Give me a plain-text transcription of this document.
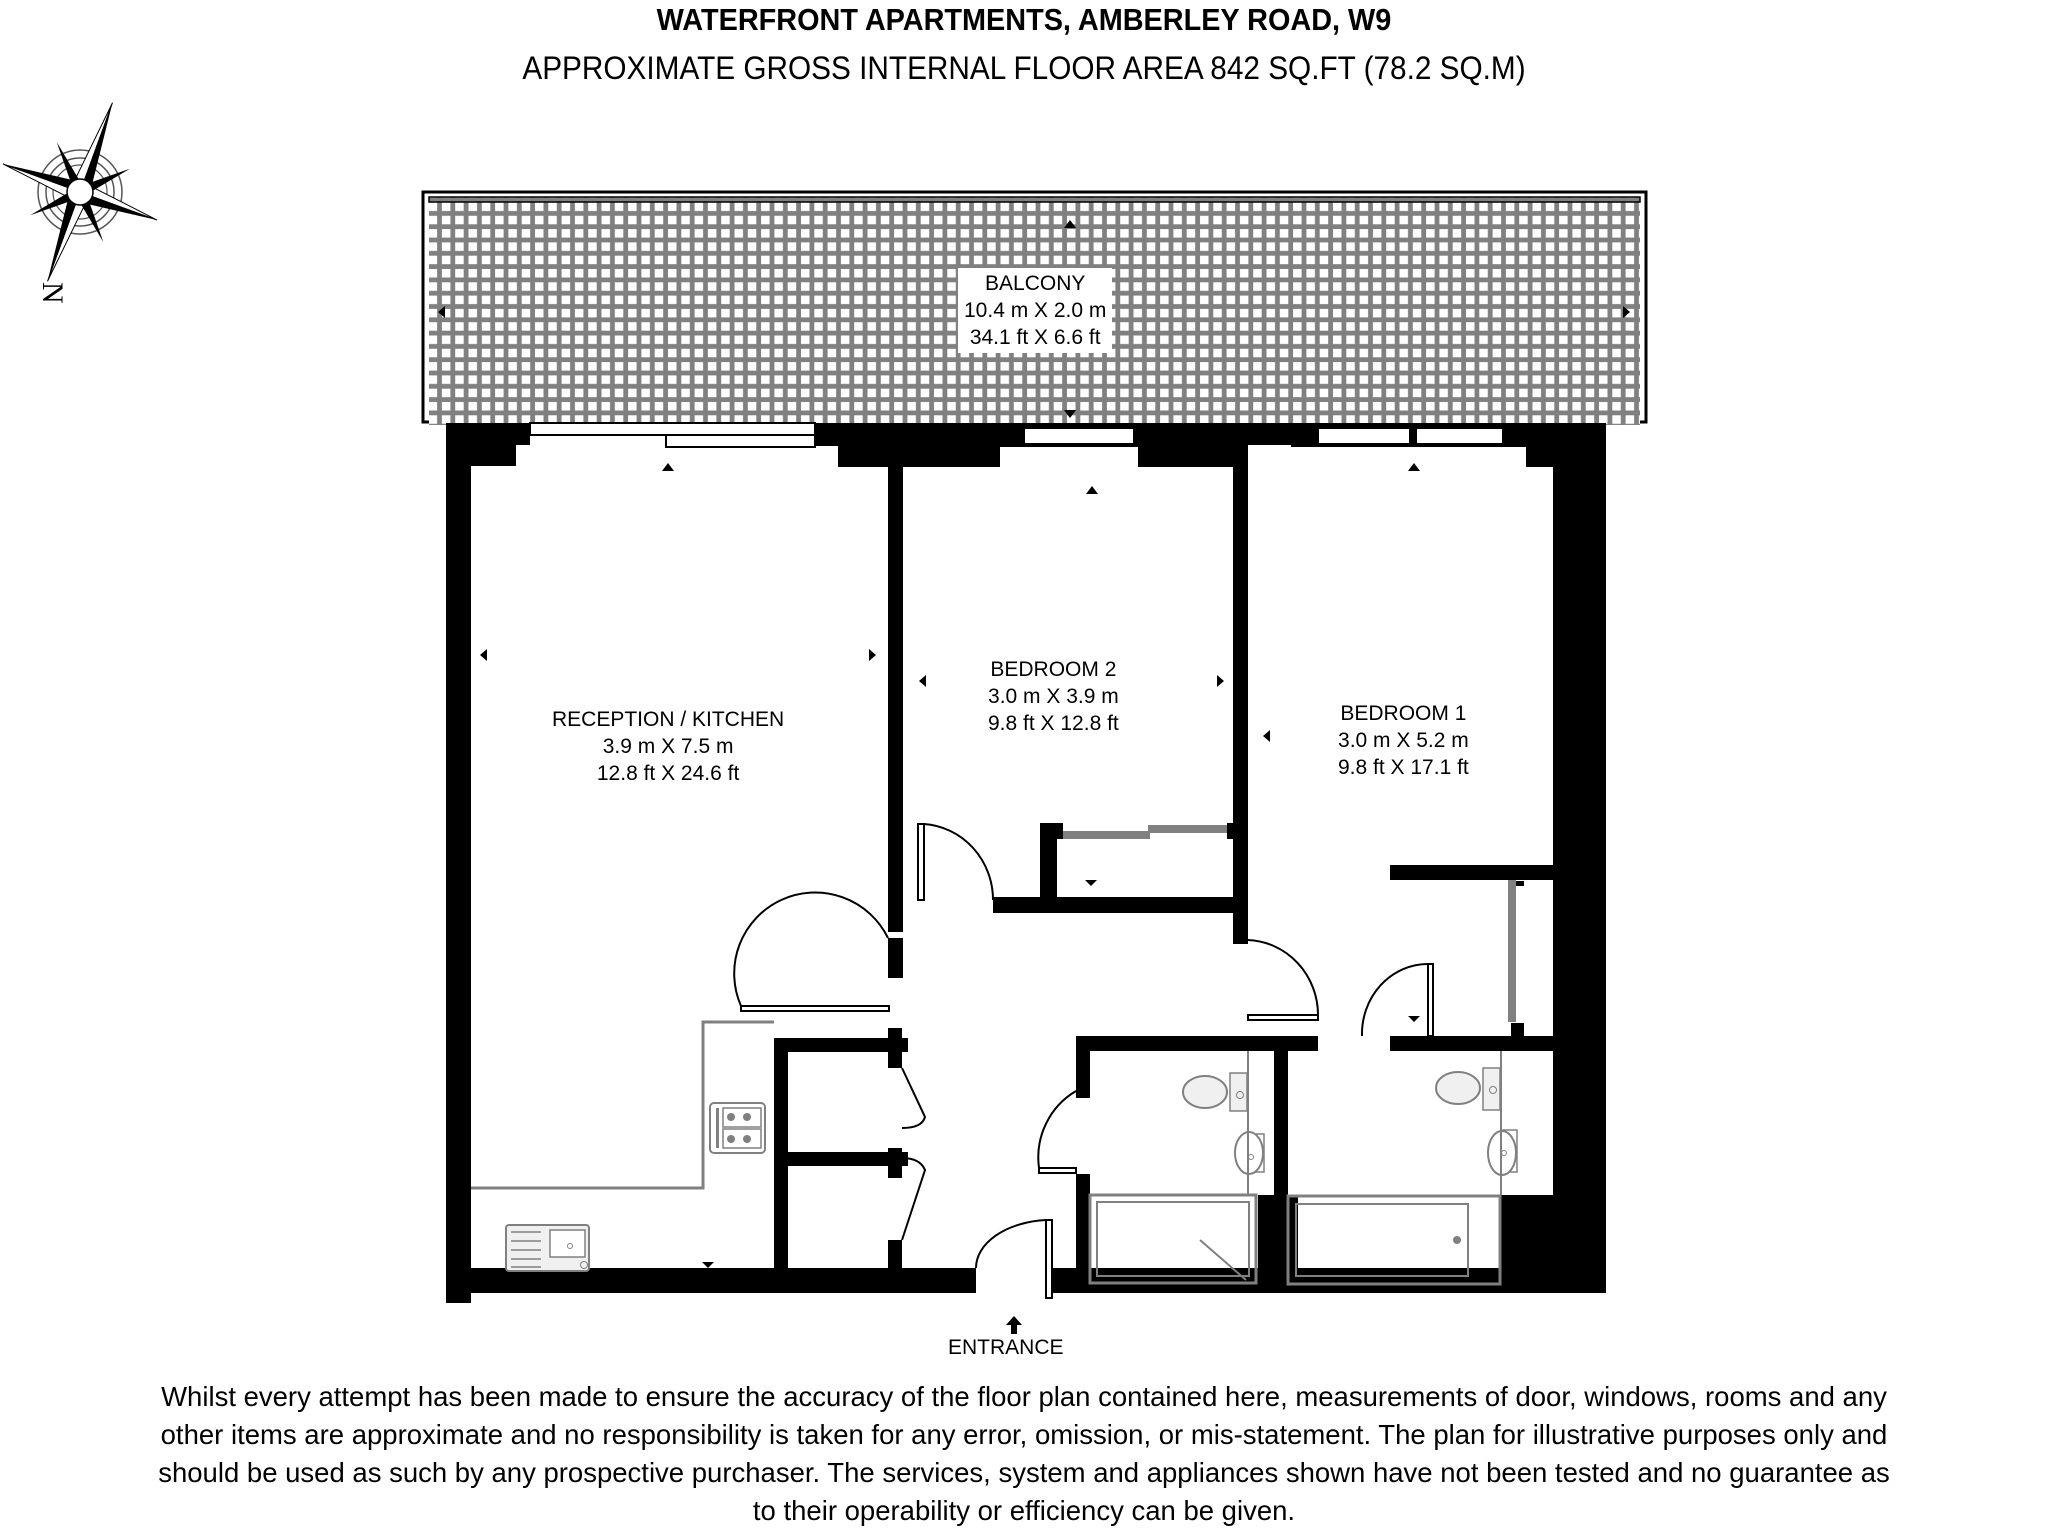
WATERFRONT APARTMENTS, AMBERLEY ROAD, W9
APPROXIMATE GROSS INTERNAL FLOOR AREA 842 SQ.FT (78.2 SQ.M)
N	BALCONY
10.4 m X 2.0 m
34.1 ft X 6.6 ft
RECEPTION / KITCHEN
3.9 m X 7.5 m
12.8 ft X 24.6 ft
BEDROOM 2
3.0 m X 3.9 m
9.8 ft X 12.8 ft	BEDROOM 1
3.0 m X 5.2 m
9.8 ft X 17.1 ft
ENTRANCE
Whilst every attempt has been made to ensure the accuracy of the floor plan contained here, measurements of door, windows, rooms and any
other items are approximate and no responsibility is taken for any error, omission, or mis-statement. The plan for illustrative purposes only and
should be used as such by any prospective purchaser. The services, system and appliances shown have not been tested and no guarantee as
to their operability or efficiency can be given.
